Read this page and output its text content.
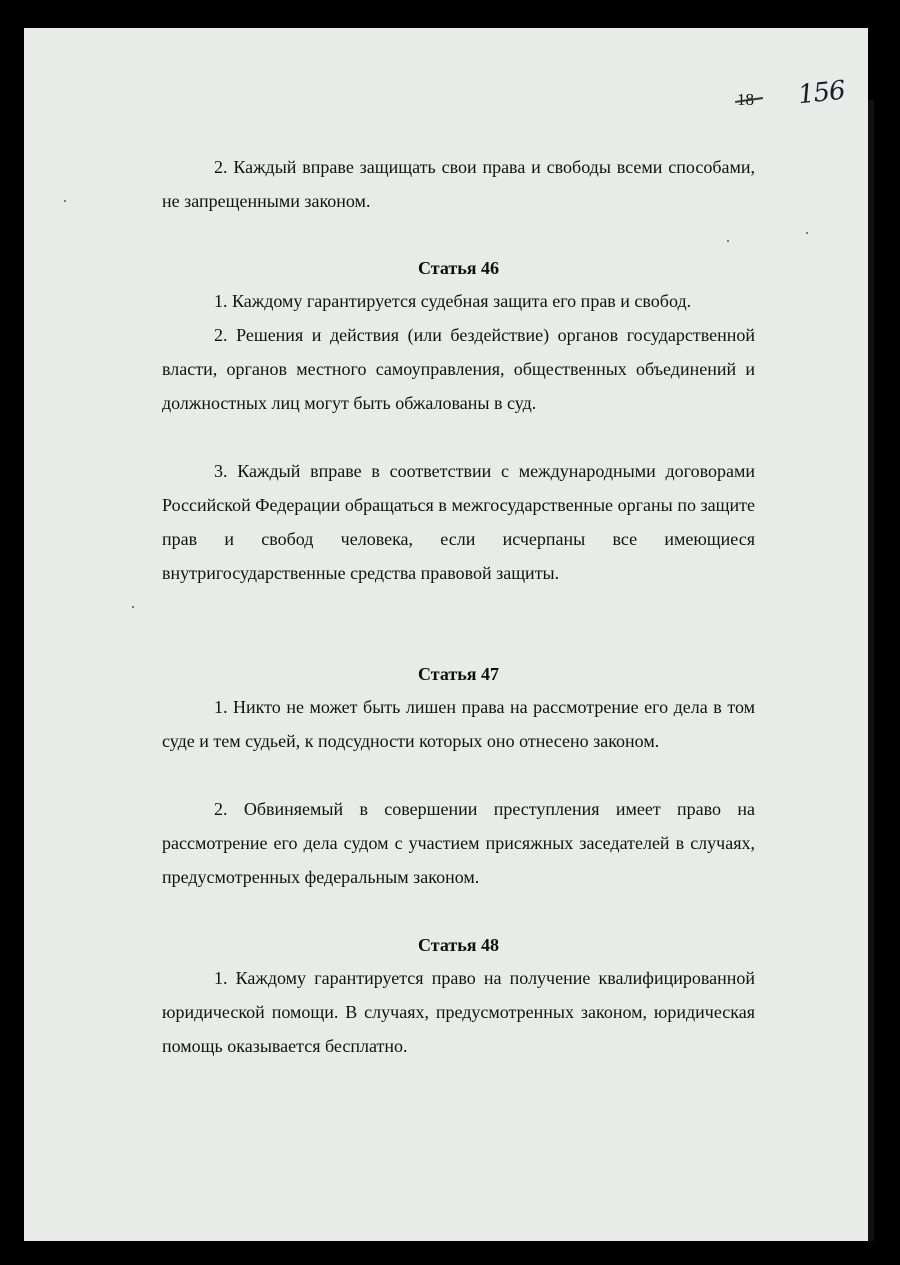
156

2. Каждый вправе защищать свои права и свободы всеми способами, не запрещенными законом.

Статья 46

1. Каждому гарантируется судебная защита его прав и свобод.

2. Решения и действия (или бездействие) органов государственной власти, органов местного самоуправления, общественных объединений и должностных лиц могут быть обжалованы в суд.

3. Каждый вправе в соответствии с международными договорами Российской Федерации обращаться в межгосударственные органы по защите прав и свобод человека, если исчерпаны все имеющиеся внутригосударственные средства правовой защиты.

Статья 47

1. Никто не может быть лишен права на рассмотрение его дела в том суде и тем судьей, к подсудности которых оно отнесено законом.

2. Обвиняемый в совершении преступления имеет право на рассмотрение его дела судом с участием присяжных заседателей в случаях, предусмотренных федеральным законом.

Статья 48

1. Каждому гарантируется право на получение квалифицированной юридической помощи. В случаях, предусмотренных законом, юридическая помощь оказывается бесплатно.
